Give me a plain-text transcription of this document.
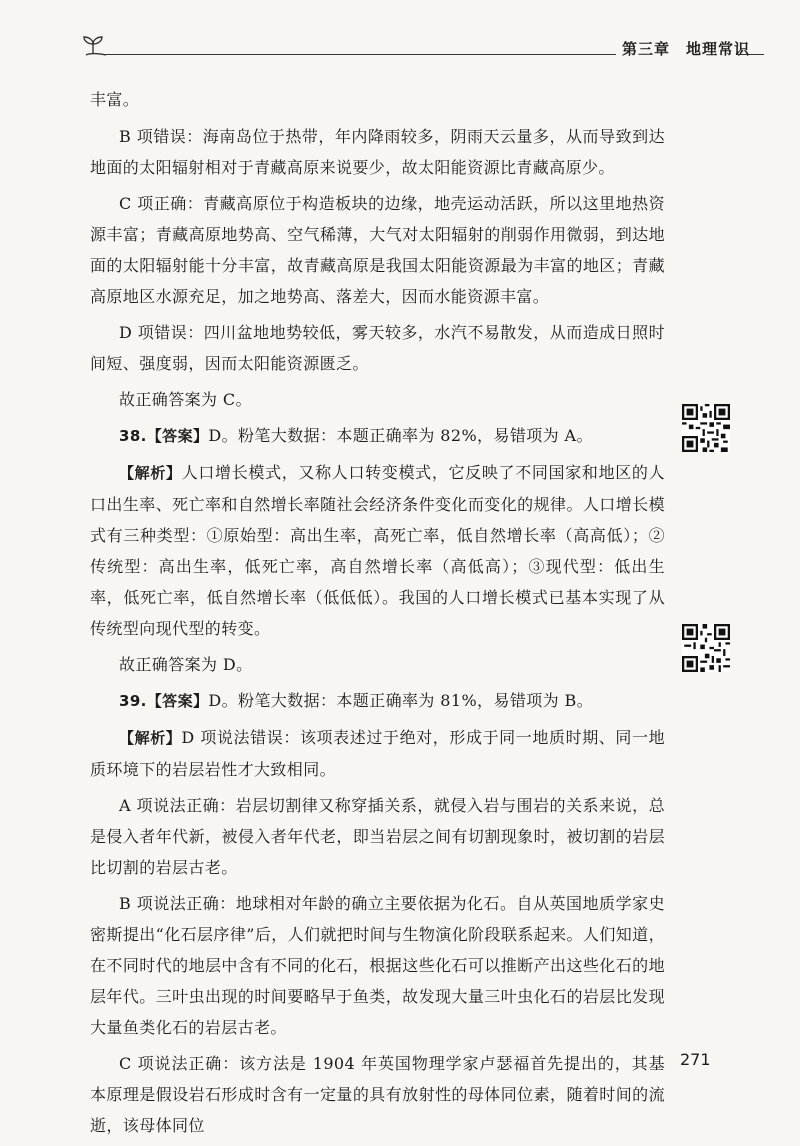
第三章　地理常识

丰富。

B 项错误：海南岛位于热带，年内降雨较多，阴雨天云量多，从而导致到达地面的太阳辐射相对于青藏高原来说要少，故太阳能资源比青藏高原少。

C 项正确：青藏高原位于构造板块的边缘，地壳运动活跃，所以这里地热资源丰富；青藏高原地势高、空气稀薄，大气对太阳辐射的削弱作用微弱，到达地面的太阳辐射能十分丰富，故青藏高原是我国太阳能资源最为丰富的地区；青藏高原地区水源充足，加之地势高、落差大，因而水能资源丰富。

D 项错误：四川盆地地势较低，雾天较多，水汽不易散发，从而造成日照时间短、强度弱，因而太阳能资源匮乏。

故正确答案为 C。

38.【答案】D。粉笔大数据：本题正确率为 82%，易错项为 A。

【解析】人口增长模式，又称人口转变模式，它反映了不同国家和地区的人口出生率、死亡率和自然增长率随社会经济条件变化而变化的规律。人口增长模式有三种类型：①原始型：高出生率，高死亡率，低自然增长率（高高低）；②传统型：高出生率，低死亡率，高自然增长率（高低高）；③现代型：低出生率，低死亡率，低自然增长率（低低低）。我国的人口增长模式已基本实现了从传统型向现代型的转变。

故正确答案为 D。

39.【答案】D。粉笔大数据：本题正确率为 81%，易错项为 B。

【解析】D 项说法错误：该项表述过于绝对，形成于同一地质时期、同一地质环境下的岩层岩性才大致相同。

A 项说法正确：岩层切割律又称穿插关系，就侵入岩与围岩的关系来说，总是侵入者年代新，被侵入者年代老，即当岩层之间有切割现象时，被切割的岩层比切割的岩层古老。

B 项说法正确：地球相对年龄的确立主要依据为化石。自从英国地质学家史密斯提出“化石层序律”后，人们就把时间与生物演化阶段联系起来。人们知道，在不同时代的地层中含有不同的化石，根据这些化石可以推断产出这些化石的地层年代。三叶虫出现的时间要略早于鱼类，故发现大量三叶虫化石的岩层比发现大量鱼类化石的岩层古老。

C 项说法正确：该方法是 1904 年英国物理学家卢瑟福首先提出的，其基本原理是假设岩石形成时含有一定量的具有放射性的母体同位素，随着时间的流逝，该母体同位

271
